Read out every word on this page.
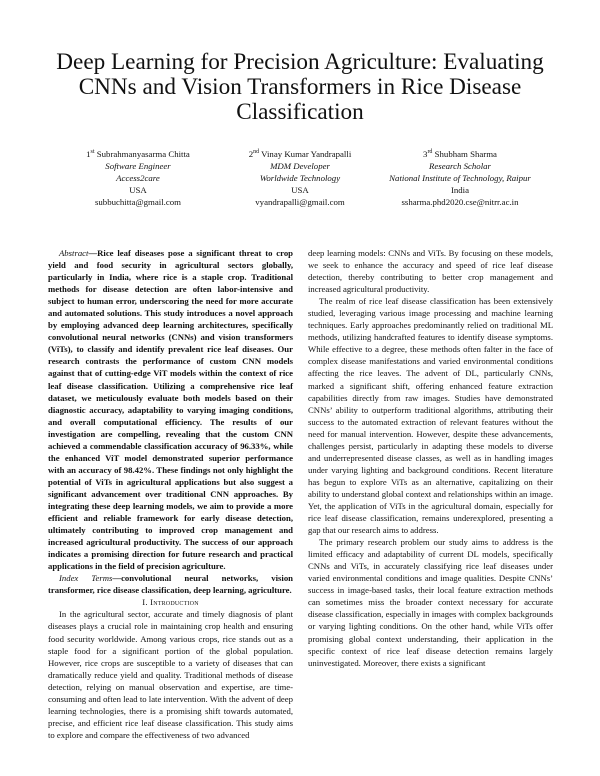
Deep Learning for Precision Agriculture: Evaluating CNNs and Vision Transformers in Rice Disease Classification
1st Subrahmanyasarma Chitta
Software Engineer
Access2care
USA
subbuchitta@gmail.com
2nd Vinay Kumar Yandrapalli
MDM Developer
Worldwide Technology
USA
vyandrapalli@gmail.com
3rd Shubham Sharma
Research Scholar
National Institute of Technology, Raipur
India
ssharma.phd2020.cse@nitrr.ac.in

Abstract—Rice leaf diseases pose a significant threat to crop yield and food security in agricultural sectors globally, particularly in India, where rice is a staple crop. Traditional methods for disease detection are often labor-intensive and subject to human error, underscoring the need for more accurate and automated solutions. This study introduces a novel approach by employing advanced deep learning architectures, specifically convolutional neural networks (CNNs) and vision transformers (ViTs), to classify and identify prevalent rice leaf diseases. Our research contrasts the performance of custom CNN models against that of cutting-edge ViT models within the context of rice leaf disease classification. Utilizing a comprehensive rice leaf dataset, we meticulously evaluate both models based on their diagnostic accuracy, adaptability to varying imaging conditions, and overall computational efficiency. The results of our investigation are compelling, revealing that the custom CNN achieved a commendable classification accuracy of 96.33%, while the enhanced ViT model demonstrated superior performance with an accuracy of 98.42%. These findings not only highlight the potential of ViTs in agricultural applications but also suggest a significant advancement over traditional CNN approaches. By integrating these deep learning models, we aim to provide a more efficient and reliable framework for early disease detection, ultimately contributing to improved crop management and increased agricultural productivity. The success of our approach indicates a promising direction for future research and practical applications in the field of precision agriculture.

Index Terms—convolutional neural networks, vision transformer, rice disease classification, deep learning, agriculture.

I. Introduction

In the agricultural sector, accurate and timely diagnosis of plant diseases plays a crucial role in maintaining crop health and ensuring food security worldwide. Among various crops, rice stands out as a staple food for a significant portion of the global population. However, rice crops are susceptible to a variety of diseases that can dramatically reduce yield and quality. Traditional methods of disease detection, relying on manual observation and expertise, are time-consuming and often lead to late intervention. With the advent of deep learning technologies, there is a promising shift towards automated, precise, and efficient rice leaf disease classification. This study aims to explore and compare the effectiveness of two advanced

deep learning models: CNNs and ViTs. By focusing on these models, we seek to enhance the accuracy and speed of rice leaf disease detection, thereby contributing to better crop management and increased agricultural productivity.

The realm of rice leaf disease classification has been extensively studied, leveraging various image processing and machine learning techniques. Early approaches predominantly relied on traditional ML methods, utilizing handcrafted features to identify disease symptoms. While effective to a degree, these methods often falter in the face of complex disease manifestations and varied environmental conditions affecting the rice leaves. The advent of DL, particularly CNNs, marked a significant shift, offering enhanced feature extraction capabilities directly from raw images. Studies have demonstrated CNNs’ ability to outperform traditional algorithms, attributing their success to the automated extraction of relevant features without the need for manual intervention. However, despite these advancements, challenges persist, particularly in adapting these models to diverse and underrepresented disease classes, as well as in handling images under varying lighting and background conditions. Recent literature has begun to explore ViTs as an alternative, capitalizing on their ability to understand global context and relationships within an image. Yet, the application of ViTs in the agricultural domain, especially for rice leaf disease classification, remains underexplored, presenting a gap that our research aims to address.

The primary research problem our study aims to address is the limited efficacy and adaptability of current DL models, specifically CNNs and ViTs, in accurately classifying rice leaf diseases under varied environmental conditions and image qualities. Despite CNNs’ success in image-based tasks, their local feature extraction methods can sometimes miss the broader context necessary for accurate disease classification, especially in images with complex backgrounds or varying lighting conditions. On the other hand, while ViTs offer promising global context understanding, their application in the specific context of rice leaf disease detection remains largely uninvestigated. Moreover, there exists a significant
